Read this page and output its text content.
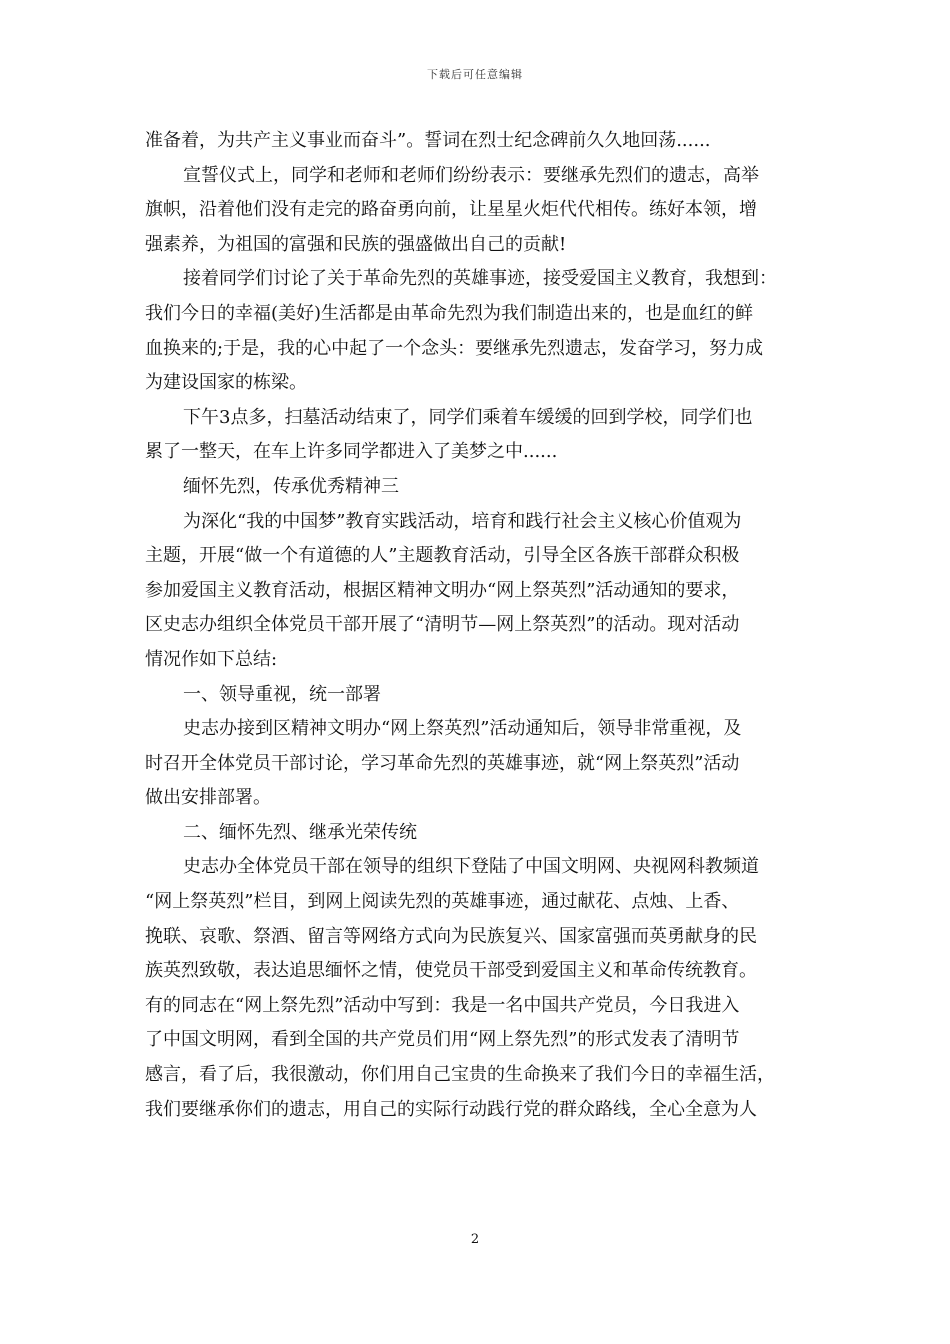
下载后可任意编辑
准备着，为共产主义事业而奋斗”。誓词在烈士纪念碑前久久地回荡......
宣誓仪式上，同学和老师和老师们纷纷表示：要继承先烈们的遗志，高举
旗帜，沿着他们没有走完的路奋勇向前，让星星火炬代代相传。练好本领，增
强素养，为祖国的富强和民族的强盛做出自己的贡献!
接着同学们讨论了关于革命先烈的英雄事迹，接受爱国主义教育，我想到：
我们今日的幸福(美好)生活都是由革命先烈为我们制造出来的，也是血红的鲜
血换来的;于是，我的心中起了一个念头：要继承先烈遗志，发奋学习，努力成
为建设国家的栋梁。
下午3点多，扫墓活动结束了，同学们乘着车缓缓的回到学校，同学们也
累了一整天，在车上许多同学都进入了美梦之中......
缅怀先烈，传承优秀精神三
为深化“我的中国梦”教育实践活动，培育和践行社会主义核心价值观为
主题，开展“做一个有道德的人”主题教育活动，引导全区各族干部群众积极
参加爱国主义教育活动，根据区精神文明办“网上祭英烈”活动通知的要求，
区史志办组织全体党员干部开展了“清明节—网上祭英烈”的活动。现对活动
情况作如下总结:
一、领导重视，统一部署
史志办接到区精神文明办“网上祭英烈”活动通知后，领导非常重视，及
时召开全体党员干部讨论，学习革命先烈的英雄事迹，就“网上祭英烈”活动
做出安排部署。
二、缅怀先烈、继承光荣传统
史志办全体党员干部在领导的组织下登陆了中国文明网、央视网科教频道
“网上祭英烈”栏目，到网上阅读先烈的英雄事迹，通过献花、点烛、上香、
挽联、哀歌、祭酒、留言等网络方式向为民族复兴、国家富强而英勇献身的民
族英烈致敬，表达追思缅怀之情，使党员干部受到爱国主义和革命传统教育。
有的同志在“网上祭先烈”活动中写到：我是一名中国共产党员，今日我进入
了中国文明网，看到全国的共产党员们用“网上祭先烈”的形式发表了清明节
感言，看了后，我很激动，你们用自己宝贵的生命换来了我们今日的幸福生活，
我们要继承你们的遗志，用自己的实际行动践行党的群众路线，全心全意为人
2
